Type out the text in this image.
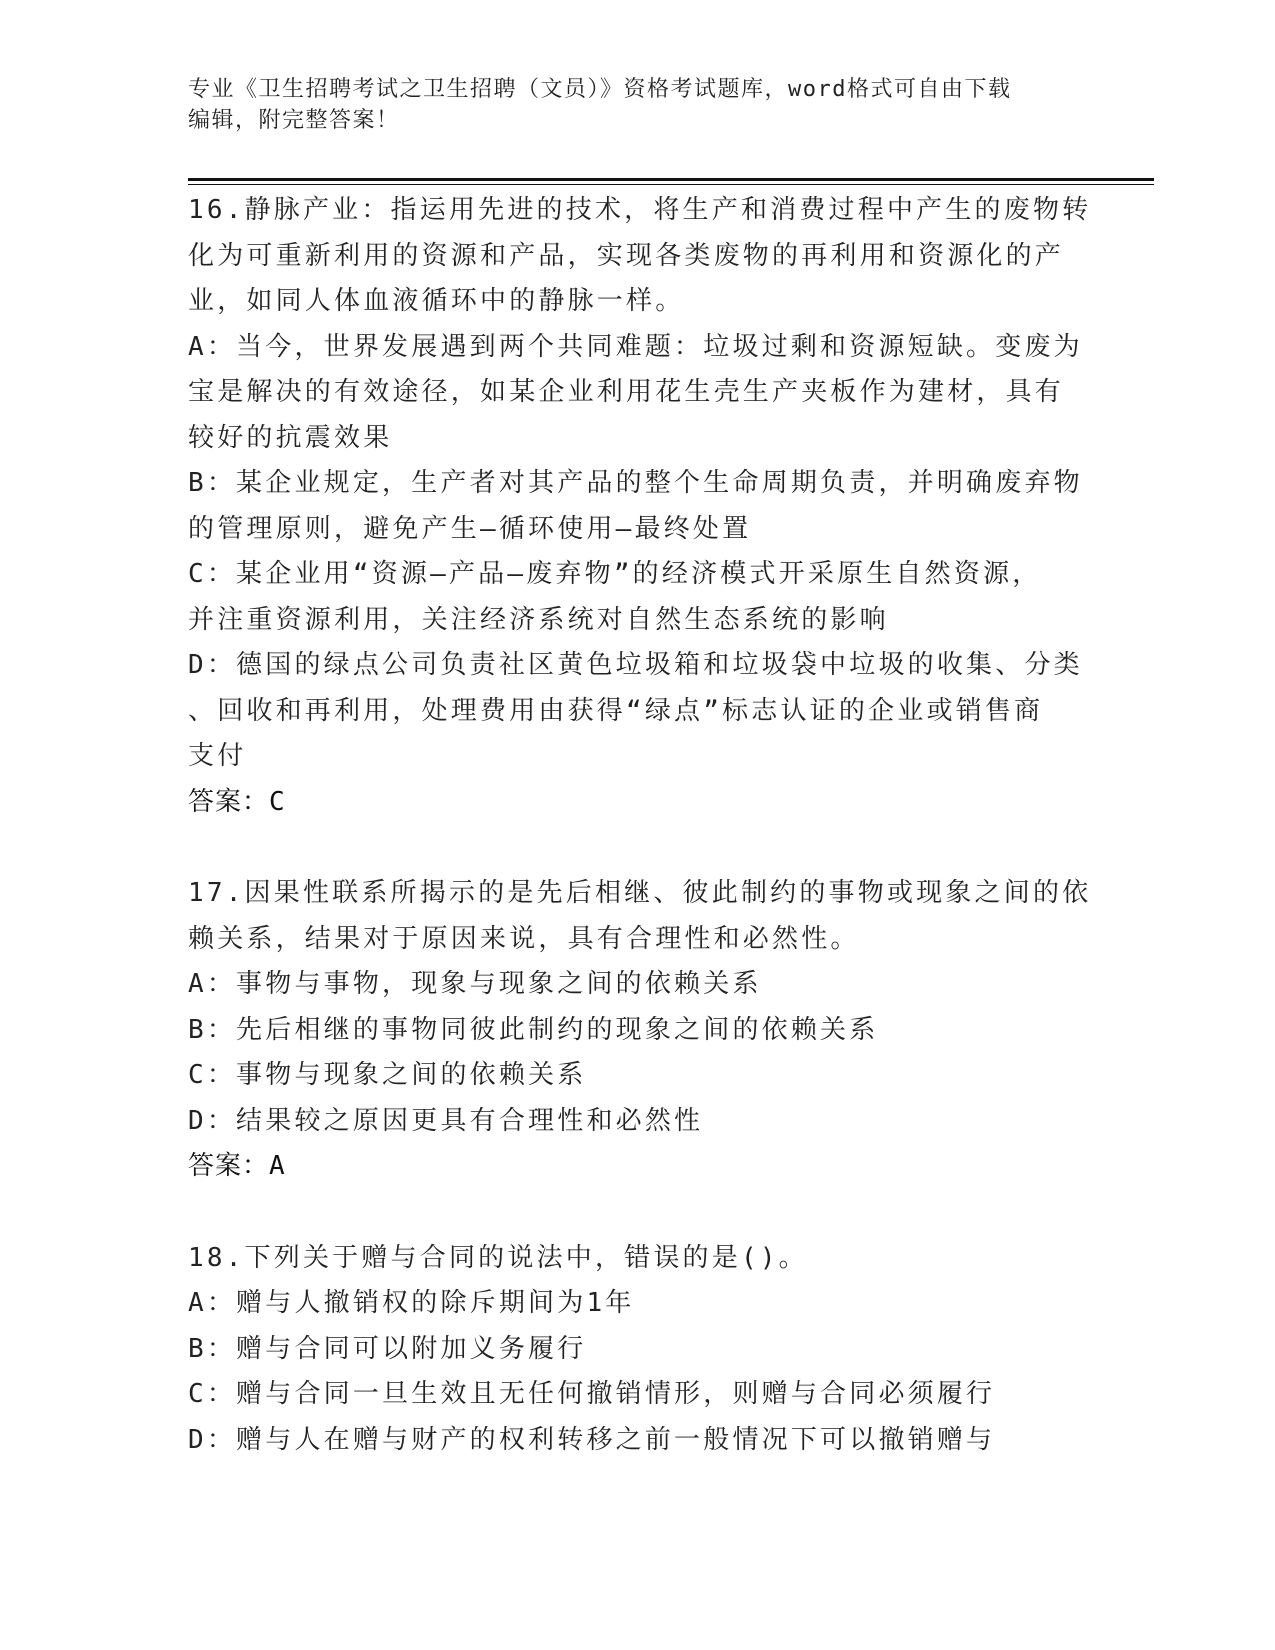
专业《卫生招聘考试之卫生招聘（文员）》资格考试题库，word格式可自由下载

编辑，附完整答案！

16.静脉产业：指运用先进的技术，将生产和消费过程中产生的废物转

化为可重新利用的资源和产品，实现各类废物的再利用和资源化的产

业，如同人体血液循环中的静脉一样。

A：当今，世界发展遇到两个共同难题：垃圾过剩和资源短缺。变废为

宝是解决的有效途径，如某企业利用花生壳生产夹板作为建材，具有

较好的抗震效果

B：某企业规定，生产者对其产品的整个生命周期负责，并明确废弃物

的管理原则，避免产生—循环使用—最终处置

C：某企业用“资源—产品—废弃物”的经济模式开采原生自然资源，

并注重资源利用，关注经济系统对自然生态系统的影响

D：德国的绿点公司负责社区黄色垃圾箱和垃圾袋中垃圾的收集、分类

、回收和再利用，处理费用由获得“绿点”标志认证的企业或销售商

支付

答案：C

17.因果性联系所揭示的是先后相继、彼此制约的事物或现象之间的依

赖关系，结果对于原因来说，具有合理性和必然性。

A：事物与事物，现象与现象之间的依赖关系

B：先后相继的事物同彼此制约的现象之间的依赖关系

C：事物与现象之间的依赖关系

D：结果较之原因更具有合理性和必然性

答案：A

18.下列关于赠与合同的说法中，错误的是()。

A：赠与人撤销权的除斥期间为1年

B：赠与合同可以附加义务履行

C：赠与合同一旦生效且无任何撤销情形，则赠与合同必须履行

D：赠与人在赠与财产的权利转移之前一般情况下可以撤销赠与
